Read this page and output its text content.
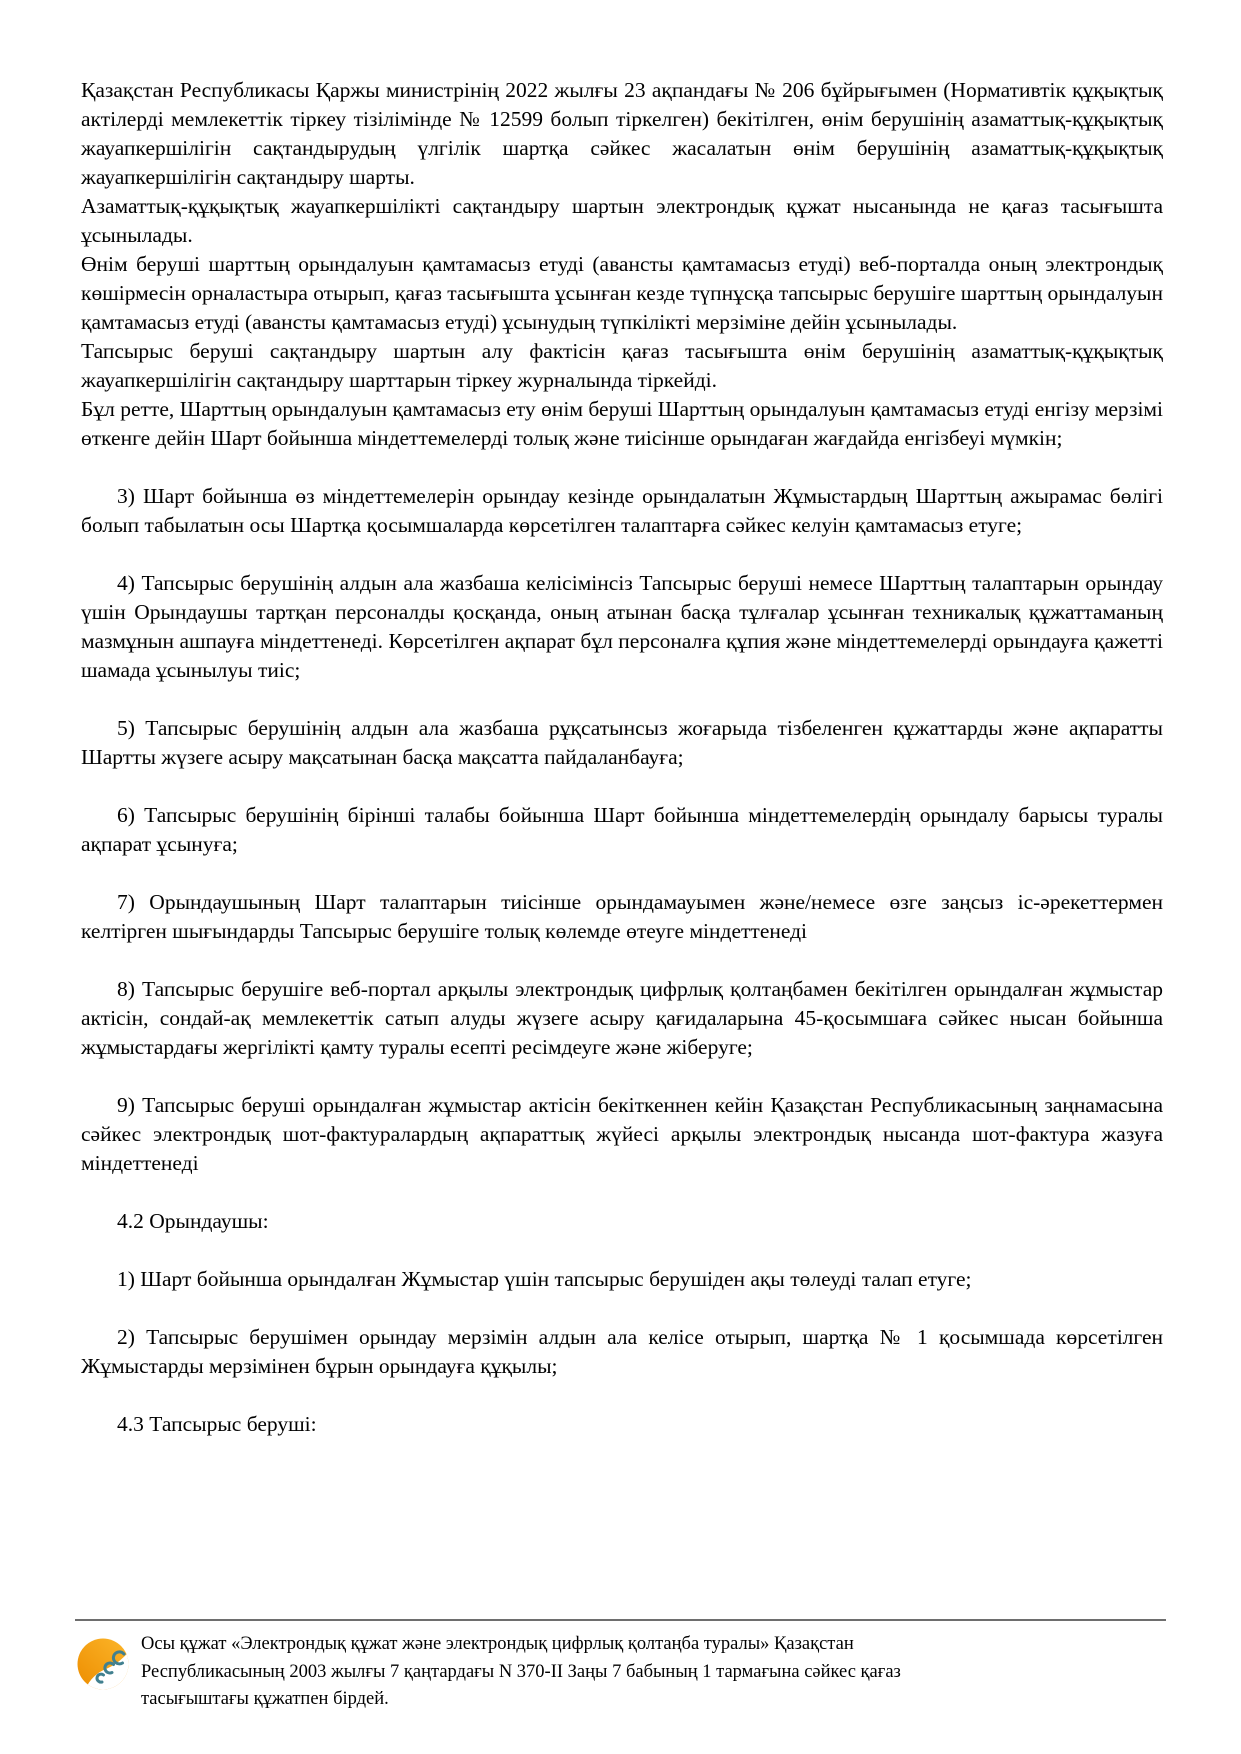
Қазақстан Республикасы Қаржы министрінің 2022 жылғы 23 ақпандағы № 206 бұйрығымен (Нормативтік құқықтық актілерді мемлекеттік тіркеу тізілімінде № 12599 болып тіркелген) бекітілген, өнім берушінің азаматтық-құқықтық жауапкершілігін сақтандырудың үлгілік шартқа сәйкес жасалатын өнім берушінің азаматтық-құқықтық жауапкершілігін сақтандыру шарты.

Азаматтық-құқықтық жауапкершілікті сақтандыру шартын электрондық құжат нысанында не қағаз тасығышта ұсынылады.

Өнім беруші шарттың орындалуын қамтамасыз етуді (авансты қамтамасыз етуді) веб-порталда оның электрондық көшірмесін орналастыра отырып, қағаз тасығышта ұсынған кезде түпнұсқа тапсырыс берушіге шарттың орындалуын қамтамасыз етуді (авансты қамтамасыз етуді) ұсынудың түпкілікті мерзіміне дейін ұсынылады.

Тапсырыс беруші сақтандыру шартын алу фактісін қағаз тасығышта өнім берушінің азаматтық-құқықтық жауапкершілігін сақтандыру шарттарын тіркеу журналында тіркейді.

Бұл ретте, Шарттың орындалуын қамтамасыз ету өнім беруші Шарттың орындалуын қамтамасыз етуді енгізу мерзімі өткенге дейін Шарт бойынша міндеттемелерді толық және тиісінше орындаған жағдайда енгізбеуі мүмкін;

3) Шарт бойынша өз міндеттемелерін орындау кезінде орындалатын Жұмыстардың Шарттың ажырамас бөлігі болып табылатын осы Шартқа қосымшаларда көрсетілген талаптарға сәйкес келуін қамтамасыз етуге;

4) Тапсырыс берушінің алдын ала жазбаша келісімінсіз Тапсырыс беруші немесе Шарттың талаптарын орындау үшін Орындаушы тартқан персоналды қосқанда, оның атынан басқа тұлғалар ұсынған техникалық құжаттаманың мазмұнын ашпауға міндеттенеді. Көрсетілген ақпарат бұл персоналға құпия және міндеттемелерді орындауға қажетті шамада ұсынылуы тиіс;

5) Тапсырыс берушінің алдын ала жазбаша рұқсатынсыз жоғарыда тізбеленген құжаттарды және ақпаратты Шартты жүзеге асыру мақсатынан басқа мақсатта пайдаланбауға;

6) Тапсырыс берушінің бірінші талабы бойынша Шарт бойынша міндеттемелердің орындалу барысы туралы ақпарат ұсынуға;

7) Орындаушының Шарт талаптарын тиісінше орындамауымен және/немесе өзге заңсыз іс-әрекеттермен келтірген шығындарды Тапсырыс берушіге толық көлемде өтеуге міндеттенеді

8) Тапсырыс берушіге веб-портал арқылы электрондық цифрлық қолтаңбамен бекітілген орындалған жұмыстар актісін, сондай-ақ мемлекеттік сатып алуды жүзеге асыру қағидаларына 45-қосымшаға сәйкес нысан бойынша жұмыстардағы жергілікті қамту туралы есепті ресімдеуге және жіберуге;

9) Тапсырыс беруші орындалған жұмыстар актісін бекіткеннен кейін Қазақстан Республикасының заңнамасына сәйкес электрондық шот-фактуралардың ақпараттық жүйесі арқылы электрондық нысанда шот-фактура жазуға міндеттенеді

4.2 Орындаушы:

1) Шарт бойынша орындалған Жұмыстар үшін тапсырыс берушіден ақы төлеуді талап етуге;

2) Тапсырыс берушімен орындау мерзімін алдын ала келісе отырып, шартқа № 1 қосымшада көрсетілген Жұмыстарды мерзімінен бұрын орындауға құқылы;

4.3 Тапсырыс беруші:

Осы құжат «Электрондық құжат және электрондық цифрлық қолтаңба туралы» Қазақстан
Республикасының 2003 жылғы 7 қаңтардағы N 370-II Заңы 7 бабының 1 тармағына сәйкес қағаз
тасығыштағы құжатпен бірдей.
